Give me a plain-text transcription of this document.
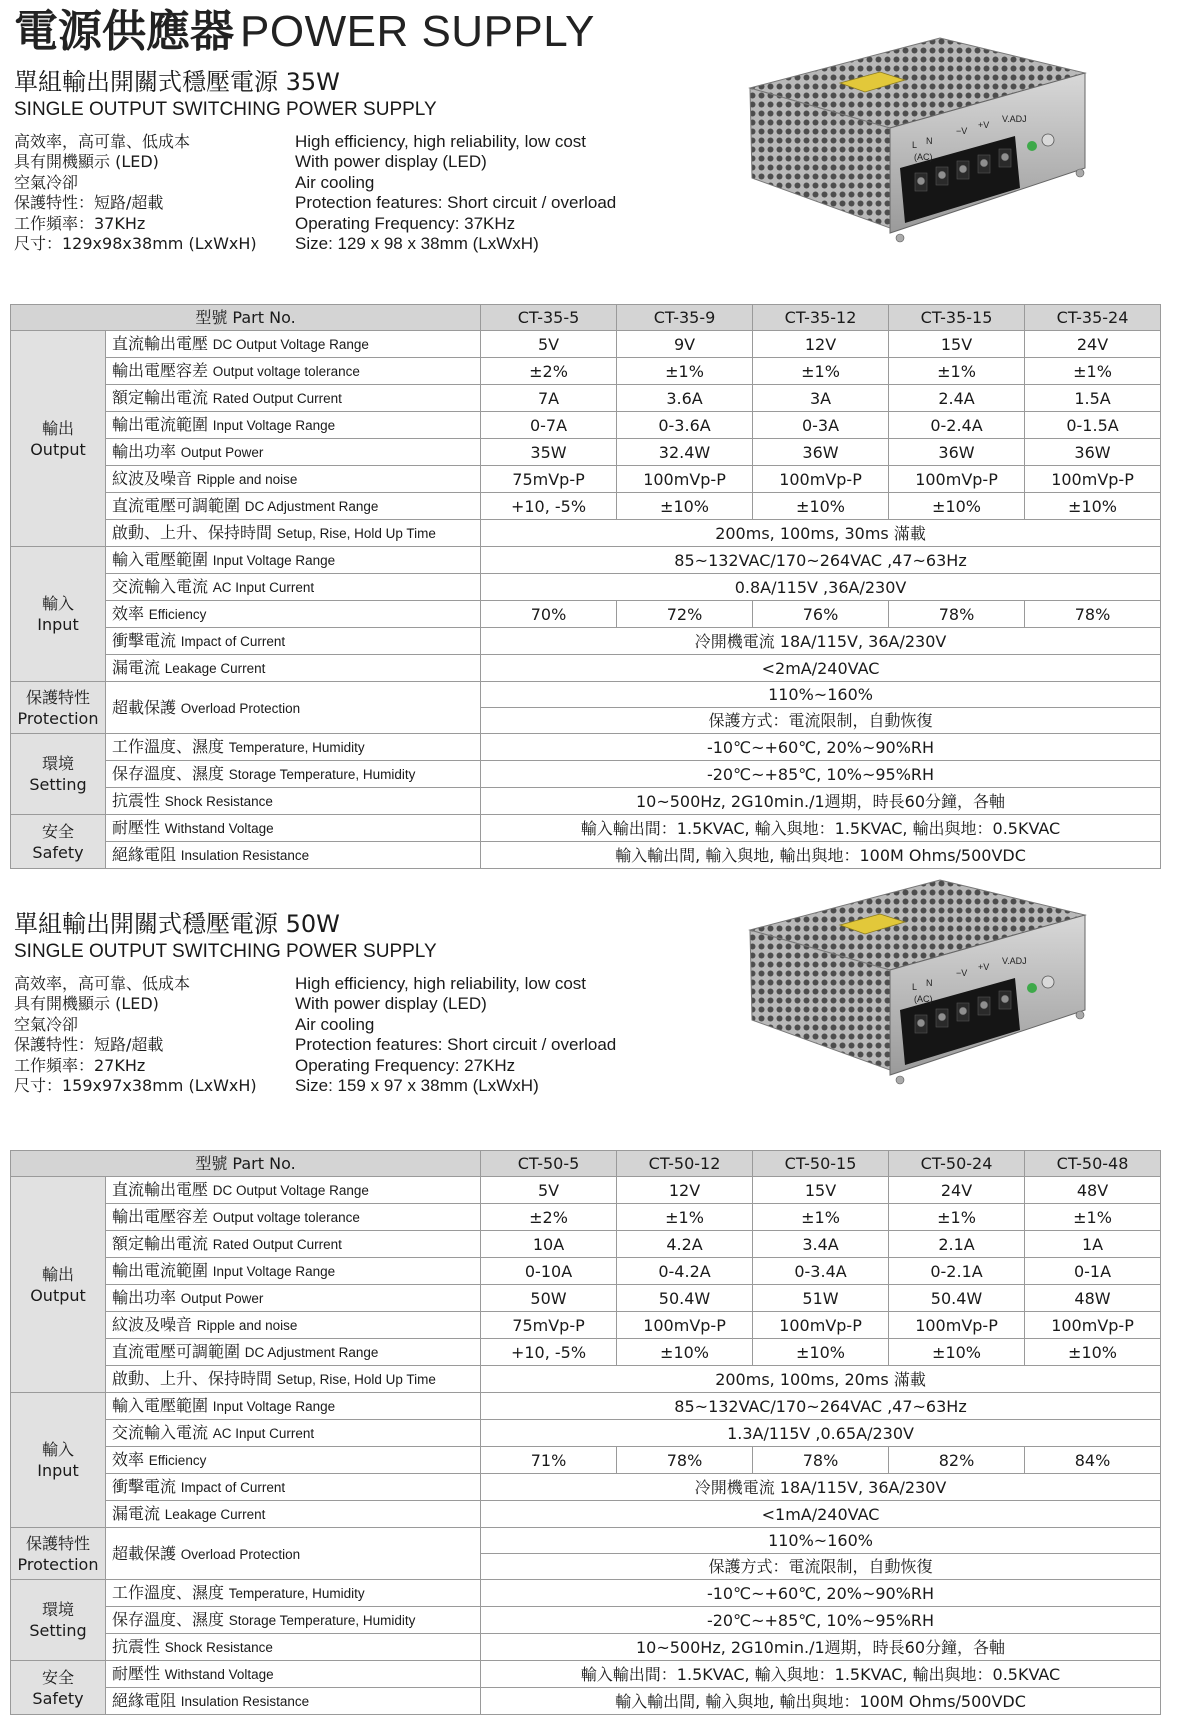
電源供應器 POWER SUPPLY
單組輸出開關式穩壓電源 35W
SINGLE OUTPUT SWITCHING POWER SUPPLY
高效率，高可靠、低成本
具有開機顯示 (LED)
空氣冷卻
保護特性：短路/超載
工作頻率：37KHz
尺寸：129x98x38mm (LxWxH)
High efficiency, high reliability, low cost
With power display (LED)
Air cooling
Protection features: Short circuit / overload
Operating Frequency: 37KHz
Size: 129 x 98 x 38mm (LxWxH)
L N
(AC)
−V
+V
V.ADJ
型號 Part No.		CT-35-5	CT-35-9	CT-35-12	CT-35-15	CT-35-24

輸出
Output	直流輸出電壓 DC Output Voltage Range	5V	9V	12V	15V	24V
	輸出電壓容差 Output voltage tolerance	±2%	±1%	±1%	±1%	±1%
	額定輸出電流 Rated Output Current	7A	3.6A	3A	2.4A	1.5A
	輸出電流範圍 Input Voltage Range	0-7A	0-3.6A	0-3A	0-2.4A	0-1.5A
	輸出功率 Output Power	35W	32.4W	36W	36W	36W
	紋波及噪音 Ripple and noise	75mVp-P	100mVp-P	100mVp-P	100mVp-P	100mVp-P
	直流電壓可調範圍 DC Adjustment Range	+10, -5%	±10%	±10%	±10%	±10%
	啟動、上升、保持時間 Setup, Rise, Hold Up Time	200ms, 100ms, 30ms 滿載				

輸入
Input	輸入電壓範圍 Input Voltage Range	85~132VAC/170~264VAC ,47~63Hz				
	交流輸入電流 AC Input Current	0.8A/115V ,36A/230V				
	效率 Efficiency	70%	72%	76%	78%	78%
	衝擊電流 Impact of Current	冷開機電流 18A/115V, 36A/230V				
	漏電流 Leakage Current	<2mA/240VAC				

保護特性
Protection	超載保護 Overload Protection	110%~160%				
		保護方式：電流限制，自動恢復				

環境
Setting	工作溫度、濕度 Temperature, Humidity	-10℃~+60℃, 20%~90%RH				
	保存溫度、濕度 Storage Temperature, Humidity	-20℃~+85℃, 10%~95%RH				
	抗震性 Shock Resistance	10~500Hz, 2G10min./1週期，時長60分鐘，各軸				

安全
Safety	耐壓性 Withstand Voltage	輸入輸出間：1.5KVAC, 輸入與地：1.5KVAC, 輸出與地：0.5KVAC				
	絕緣電阻 Insulation Resistance	輸入輸出間, 輸入與地, 輸出與地：100M Ohms/500VDC				
單組輸出開關式穩壓電源 50W
SINGLE OUTPUT SWITCHING POWER SUPPLY
高效率，高可靠、低成本
具有開機顯示 (LED)
空氣冷卻
保護特性：短路/超載
工作頻率：27KHz
尺寸：159x97x38mm (LxWxH)
High efficiency, high reliability, low cost
With power display (LED)
Air cooling
Protection features: Short circuit / overload
Operating Frequency: 27KHz
Size: 159 x 97 x 38mm (LxWxH)
L N
(AC)
−V
+V
V.ADJ
型號 Part No.		CT-50-5	CT-50-12	CT-50-15	CT-50-24	CT-50-48

輸出
Output	直流輸出電壓 DC Output Voltage Range	5V	12V	15V	24V	48V
	輸出電壓容差 Output voltage tolerance	±2%	±1%	±1%	±1%	±1%
	額定輸出電流 Rated Output Current	10A	4.2A	3.4A	2.1A	1A
	輸出電流範圍 Input Voltage Range	0-10A	0-4.2A	0-3.4A	0-2.1A	0-1A
	輸出功率 Output Power	50W	50.4W	51W	50.4W	48W
	紋波及噪音 Ripple and noise	75mVp-P	100mVp-P	100mVp-P	100mVp-P	100mVp-P
	直流電壓可調範圍 DC Adjustment Range	+10, -5%	±10%	±10%	±10%	±10%
	啟動、上升、保持時間 Setup, Rise, Hold Up Time	200ms, 100ms, 20ms 滿載				

輸入
Input	輸入電壓範圍 Input Voltage Range	85~132VAC/170~264VAC ,47~63Hz				
	交流輸入電流 AC Input Current	1.3A/115V ,0.65A/230V				
	效率 Efficiency	71%	78%	78%	82%	84%
	衝擊電流 Impact of Current	冷開機電流 18A/115V, 36A/230V				
	漏電流 Leakage Current	<1mA/240VAC				

保護特性
Protection	超載保護 Overload Protection	110%~160%				
		保護方式：電流限制，自動恢復				

環境
Setting	工作溫度、濕度 Temperature, Humidity	-10℃~+60℃, 20%~90%RH				
	保存溫度、濕度 Storage Temperature, Humidity	-20℃~+85℃, 10%~95%RH				
	抗震性 Shock Resistance	10~500Hz, 2G10min./1週期，時長60分鐘，各軸				

安全
Safety	耐壓性 Withstand Voltage	輸入輸出間：1.5KVAC, 輸入與地：1.5KVAC, 輸出與地：0.5KVAC				
	絕緣電阻 Insulation Resistance	輸入輸出間, 輸入與地, 輸出與地：100M Ohms/500VDC				
